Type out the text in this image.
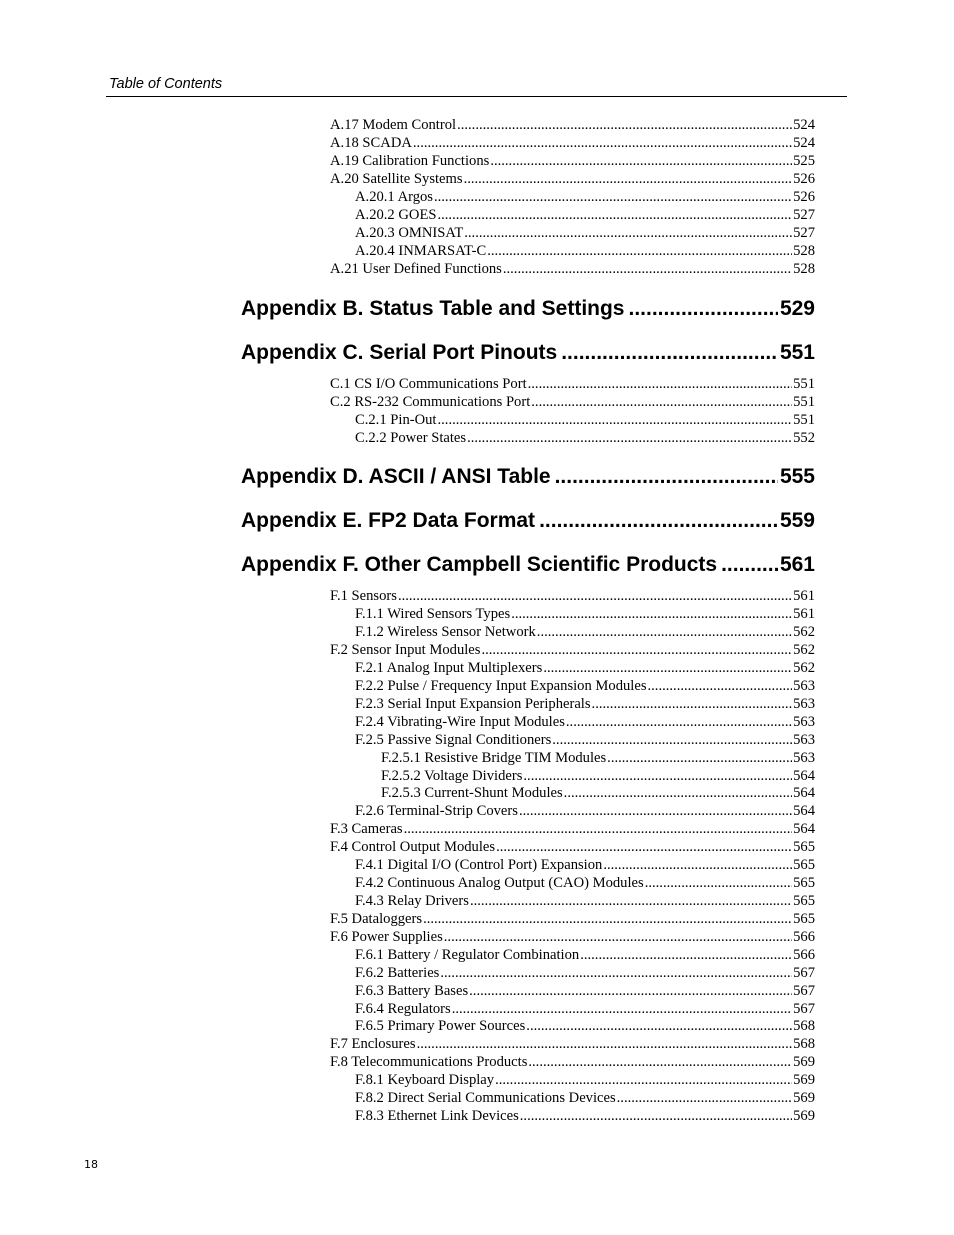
Table of Contents
A.17 Modem Control .....	524
A.18 SCADA .....	524
A.19 Calibration Functions .....	525
A.20 Satellite Systems .....	526
A.20.1 Argos .....	526
A.20.2 GOES .....	527
A.20.3 OMNISAT .....	527
A.20.4 INMARSAT-C .....	528
A.21 User Defined Functions .....	528
Appendix B. Status Table and Settings .....	529
Appendix C. Serial Port Pinouts .....	551
C.1 CS I/O Communications Port .....	551
C.2 RS-232 Communications Port .....	551
C.2.1 Pin-Out .....	551
C.2.2 Power States .....	552
Appendix D. ASCII / ANSI Table .....	555
Appendix E. FP2 Data Format .....	559
Appendix F. Other Campbell Scientific Products .....	561
F.1 Sensors .....	561
F.1.1 Wired Sensors Types .....	561
F.1.2 Wireless Sensor Network .....	562
F.2 Sensor Input Modules .....	562
F.2.1 Analog Input Multiplexers .....	562
F.2.2 Pulse / Frequency Input Expansion Modules .....	563
F.2.3 Serial Input Expansion Peripherals .....	563
F.2.4 Vibrating-Wire Input Modules .....	563
F.2.5 Passive Signal Conditioners .....	563
F.2.5.1 Resistive Bridge TIM Modules .....	563
F.2.5.2 Voltage Dividers .....	564
F.2.5.3 Current-Shunt Modules .....	564
F.2.6 Terminal-Strip Covers .....	564
F.3 Cameras .....	564
F.4 Control Output Modules .....	565
F.4.1 Digital I/O (Control Port) Expansion .....	565
F.4.2 Continuous Analog Output (CAO) Modules .....	565
F.4.3 Relay Drivers .....	565
F.5 Dataloggers .....	565
F.6 Power Supplies .....	566
F.6.1 Battery / Regulator Combination .....	566
F.6.2 Batteries .....	567
F.6.3 Battery Bases .....	567
F.6.4 Regulators .....	567
F.6.5 Primary Power Sources .....	568
F.7 Enclosures .....	568
F.8 Telecommunications Products .....	569
F.8.1 Keyboard Display .....	569
F.8.2 Direct Serial Communications Devices .....	569
F.8.3 Ethernet Link Devices .....	569
18
